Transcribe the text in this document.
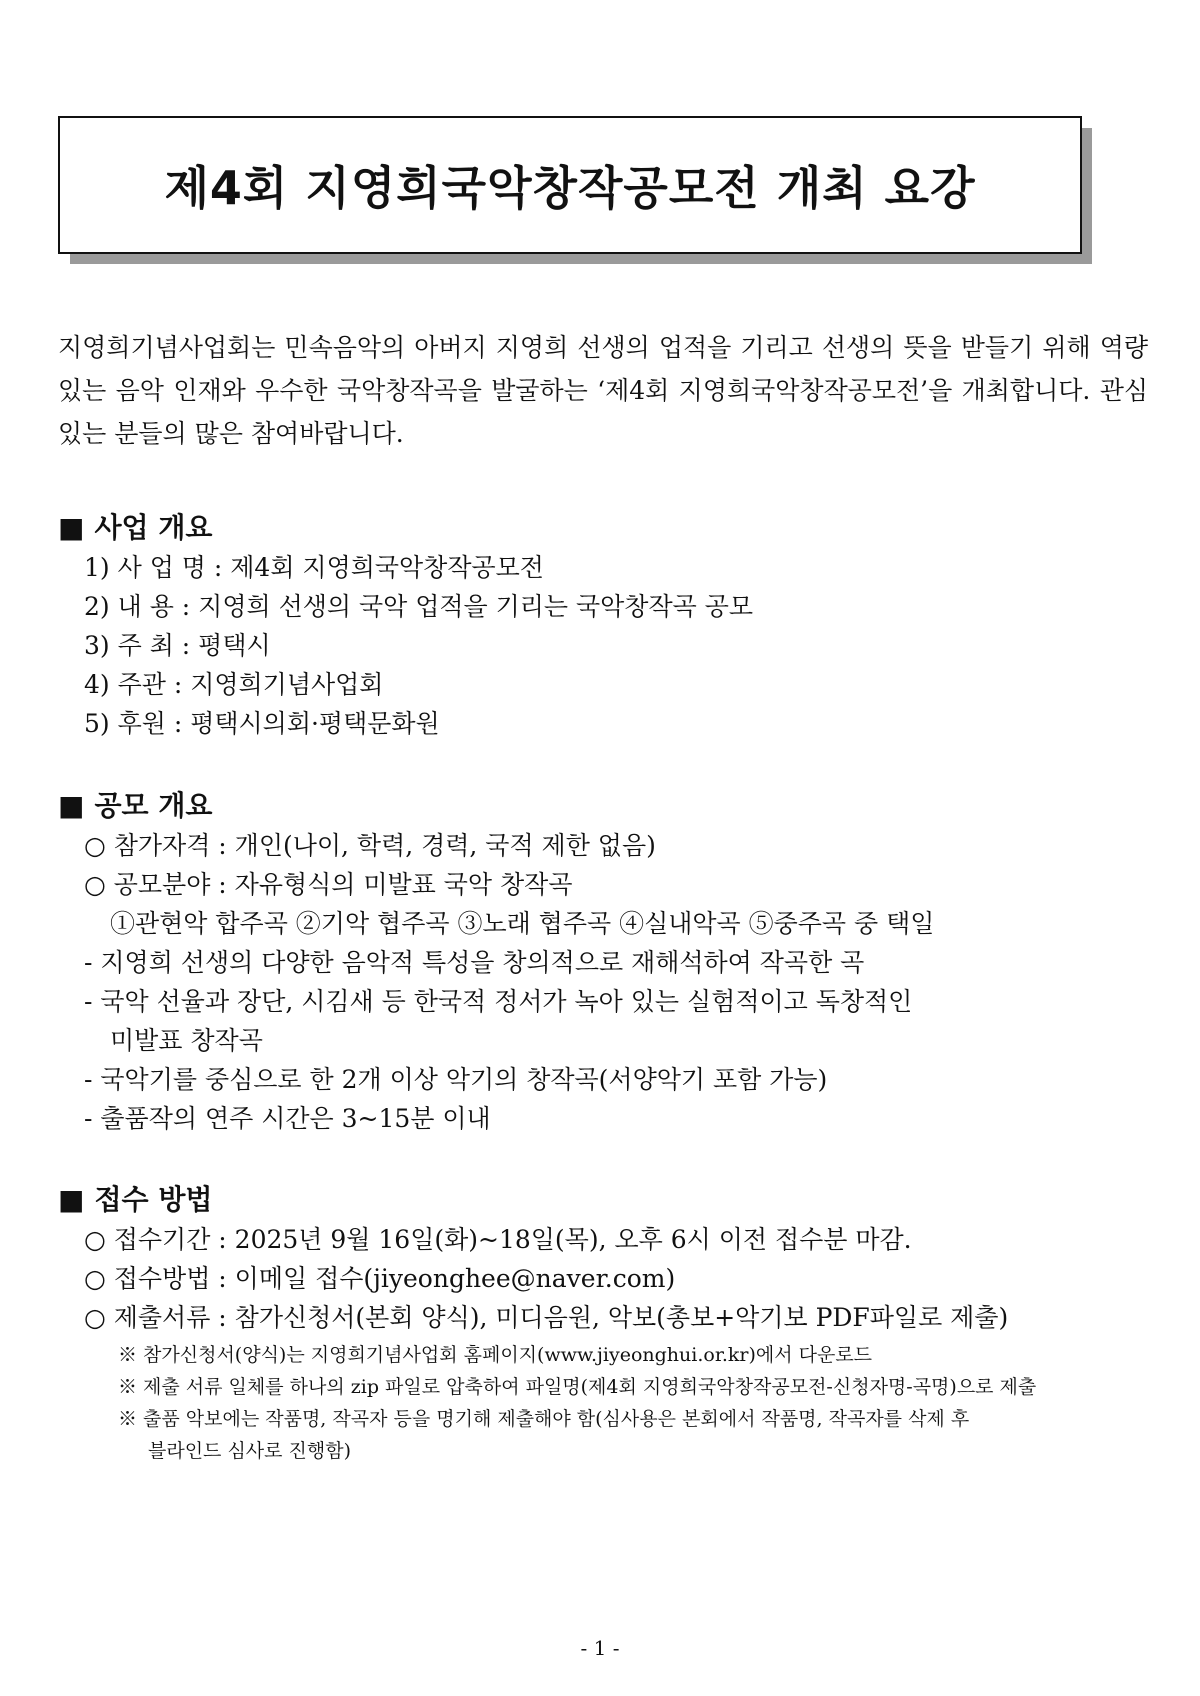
제4회 지영희국악창작공모전 개최 요강
지영희기념사업회는 민속음악의 아버지 지영희 선생의 업적을 기리고 선생의 뜻을 받들기 위해 역량 있는 음악 인재와 우수한 국악창작곡을 발굴하는 ‘제4회 지영희국악창작공모전’을 개최합니다. 관심 있는 분들의 많은 참여바랍니다.
■ 사업 개요
1) 사 업 명 : 제4회 지영희국악창작공모전
2) 내 용 : 지영희 선생의 국악 업적을 기리는 국악창작곡 공모
3) 주 최 : 평택시
4) 주관 : 지영희기념사업회
5) 후원 : 평택시의회·평택문화원
■ 공모 개요
○ 참가자격 : 개인(나이, 학력, 경력, 국적 제한 없음)
○ 공모분야 : 자유형식의 미발표 국악 창작곡
①관현악 합주곡 ②기악 협주곡 ③노래 협주곡 ④실내악곡 ⑤중주곡 중 택일
- 지영희 선생의 다양한 음악적 특성을 창의적으로 재해석하여 작곡한 곡
- 국악 선율과 장단, 시김새 등 한국적 정서가 녹아 있는 실험적이고 독창적인
미발표 창작곡
- 국악기를 중심으로 한 2개 이상 악기의 창작곡(서양악기 포함 가능)
- 출품작의 연주 시간은 3~15분 이내
■ 접수 방법
○ 접수기간 : 2025년 9월 16일(화)~18일(목), 오후 6시 이전 접수분 마감.
○ 접수방법 : 이메일 접수(jiyeonghee@naver.com)
○ 제출서류 : 참가신청서(본회 양식), 미디음원, 악보(총보+악기보 PDF파일로 제출)
※ 참가신청서(양식)는 지영희기념사업회 홈페이지(www.jiyeonghui.or.kr)에서 다운로드
※ 제출 서류 일체를 하나의 zip 파일로 압축하여 파일명(제4회 지영희국악창작공모전-신청자명-곡명)으로 제출
※ 출품 악보에는 작품명, 작곡자 등을 명기해 제출해야 함(심사용은 본회에서 작품명, 작곡자를 삭제 후
블라인드 심사로 진행함)
- 1 -
